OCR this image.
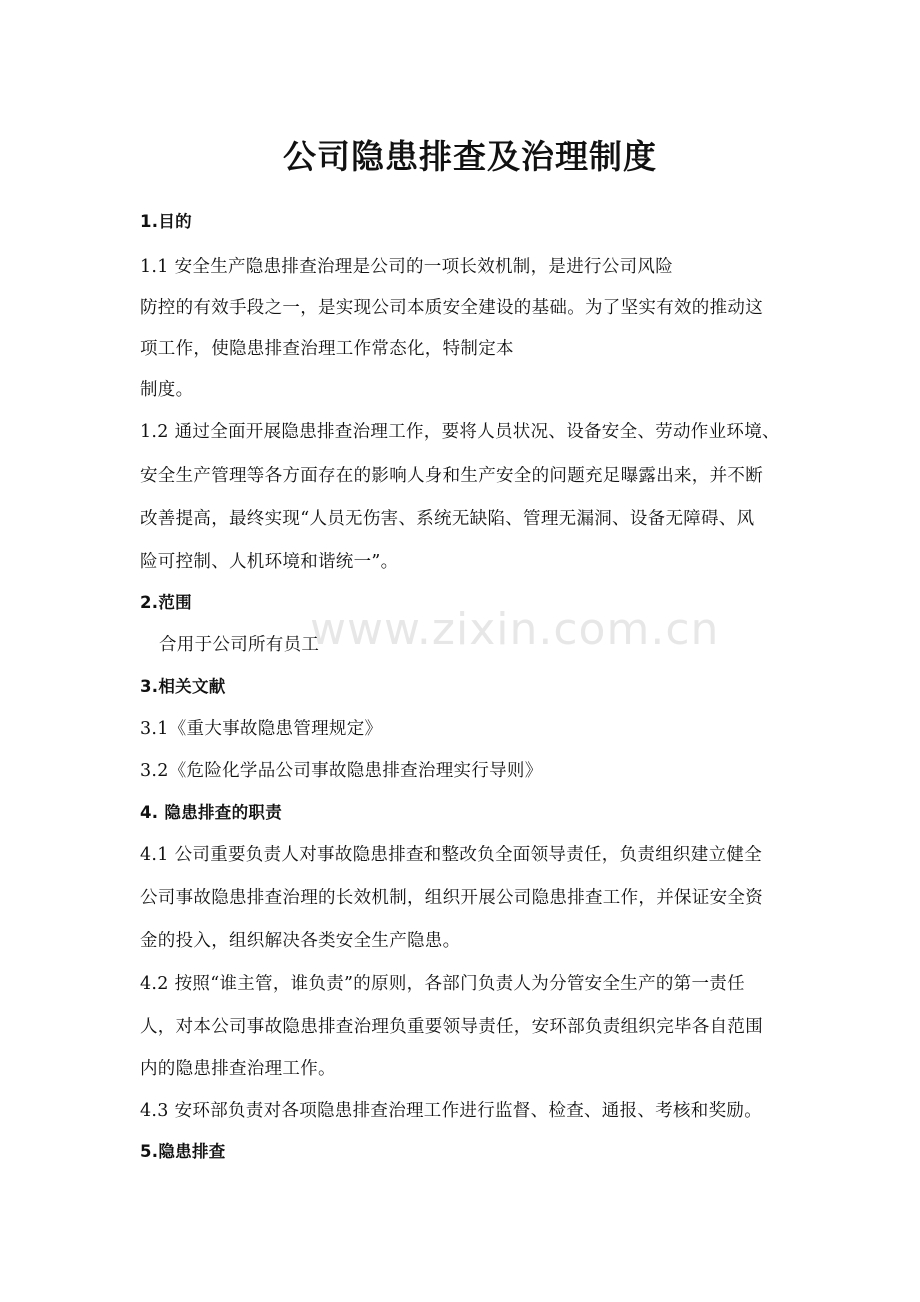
www.zixin.com.cn
公司隐患排查及治理制度
1.目的
1.1 安全生产隐患排查治理是公司的一项长效机制，是进行公司风险
防控的有效手段之一，是实现公司本质安全建设的基础。为了坚实有效的推动这
项工作，使隐患排查治理工作常态化，特制定本
制度。
1.2 通过全面开展隐患排查治理工作，要将人员状况、设备安全、劳动作业环境、
安全生产管理等各方面存在的影响人身和生产安全的问题充足曝露出来，并不断
改善提高，最终实现“人员无伤害、系统无缺陷、管理无漏洞、设备无障碍、风
险可控制、人机环境和谐统一”。
2.范围
合用于公司所有员工
3.相关文献
3.1《重大事故隐患管理规定》
3.2《危险化学品公司事故隐患排查治理实行导则》
4. 隐患排查的职责
4.1 公司重要负责人对事故隐患排查和整改负全面领导责任，负责组织建立健全
公司事故隐患排查治理的长效机制，组织开展公司隐患排查工作，并保证安全资
金的投入，组织解决各类安全生产隐患。
4.2 按照“谁主管，谁负责”的原则，各部门负责人为分管安全生产的第一责任
人，对本公司事故隐患排查治理负重要领导责任，安环部负责组织完毕各自范围
内的隐患排查治理工作。
4.3 安环部负责对各项隐患排查治理工作进行监督、检查、通报、考核和奖励。
5.隐患排查
